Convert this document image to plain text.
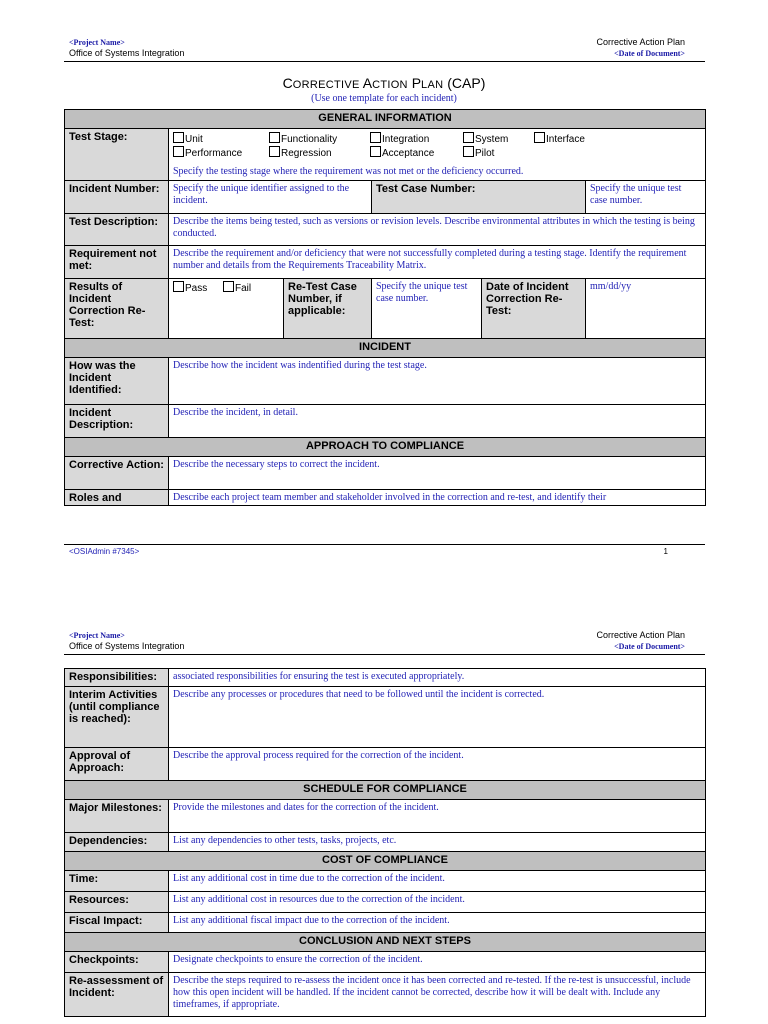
<Project Name>
Office of Systems Integration
Corrective Action Plan
<Date of Document>
CORRECTIVE ACTION PLAN (CAP)
(Use one template for each incident)
GENERAL INFORMATION					
Test Stage:	Unit Functionality Integration System Interface
Performance Regression Acceptance Pilot
Specify the testing stage where the requirement was not met or the deficiency occurred.				

Incident Number:	Specify the unique identifier assigned to the incident.		Test Case Number:		Specify the unique test case number.
Test Description:	Describe the items being tested, such as versions or revision levels. Describe environmental attributes in which the testing is being conducted.				
Requirement not met:	Describe the requirement and/or deficiency that were not successfully completed during a testing stage. Identify the requirement number and details from the Requirements Traceability Matrix.				
Results of Incident Correction Re-Test:	Pass Fail	Re-Test Case Number, if applicable:	Specify the unique test case number.	Date of Incident Correction Re-Test:	mm/dd/yy
INCIDENT					
How was the Incident Identified:	Describe how the incident was indentified during the test stage.				
Incident Description:	Describe the incident, in detail.				
APPROACH TO COMPLIANCE					
Corrective Action:	Describe the necessary steps to correct the incident.				
Roles and	Describe each project team member and stakeholder involved in the correction and re-test, and identify their				
<OSIAdmin #7345>	1
<Project Name>
Office of Systems Integration
Corrective Action Plan
<Date of Document>
Responsibilities:	associated responsibilities for ensuring the test is executed appropriately.
Interim Activities (until compliance is reached):	Describe any processes or procedures that need to be followed until the incident is corrected.
Approval of Approach:	Describe the approval process required for the correction of the incident.
SCHEDULE FOR COMPLIANCE	
Major Milestones:	Provide the milestones and dates for the correction of the incident.
Dependencies:	List any dependencies to other tests, tasks, projects, etc.
COST OF COMPLIANCE	
Time:	List any additional cost in time due to the correction of the incident.
Resources:	List any additional cost in resources due to the correction of the incident.
Fiscal Impact:	List any additional fiscal impact due to the correction of the incident.
CONCLUSION AND NEXT STEPS	
Checkpoints:	Designate checkpoints to ensure the correction of the incident.
Re-assessment of Incident:	Describe the steps required to re-assess the incident once it has been corrected and re-tested. If the re-test is unsuccessful, include how this open incident will be handled. If the incident cannot be corrected, describe how it will be dealt with. Include any timeframes, if appropriate.
